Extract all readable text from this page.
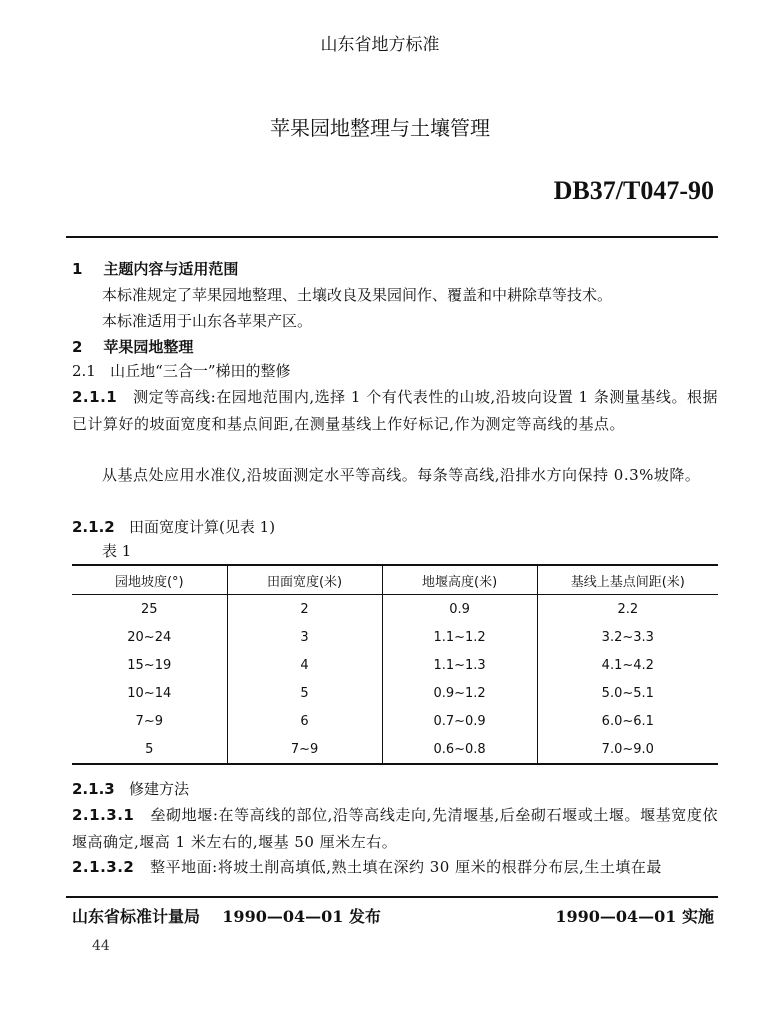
山东省地方标准
苹果园地整理与土壤管理
DB37/T047-90
1 主题内容与适用范围
本标准规定了苹果园地整理、土壤改良及果园间作、覆盖和中耕除草等技术。
本标准适用于山东各苹果产区。
2 苹果园地整理
2.1 山丘地“三合一”梯田的整修
2.1.1 测定等高线:在园地范围内,选择 1 个有代表性的山坡,沿坡向设置 1 条测量基线。根据已计算好的坡面宽度和基点间距,在测量基线上作好标记,作为测定等高线的基点。
从基点处应用水准仪,沿坡面测定水平等高线。每条等高线,沿排水方向保持 0.3%坡降。
2.1.2 田面宽度计算(见表 1)
表 1
园地坡度(°)	田面宽度(米)	地堰高度(米)	基线上基点间距(米)
25	2	0.9	2.2
20~24	3	1.1~1.2	3.2~3.3
15~19	4	1.1~1.3	4.1~4.2
10~14	5	0.9~1.2	5.0~5.1
7~9	6	0.7~0.9	6.0~6.1
5	7~9	0.6~0.8	7.0~9.0
2.1.3 修建方法
2.1.3.1 垒砌地堰:在等高线的部位,沿等高线走向,先清堰基,后垒砌石堰或土堰。堰基宽度依堰高确定,堰高 1 米左右的,堰基 50 厘米左右。
2.1.3.2 整平地面:将坡土削高填低,熟土填在深约 30 厘米的根群分布层,生土填在最
山东省标准计量局 1990—04—01 发布	1990—04—01 实施
44
